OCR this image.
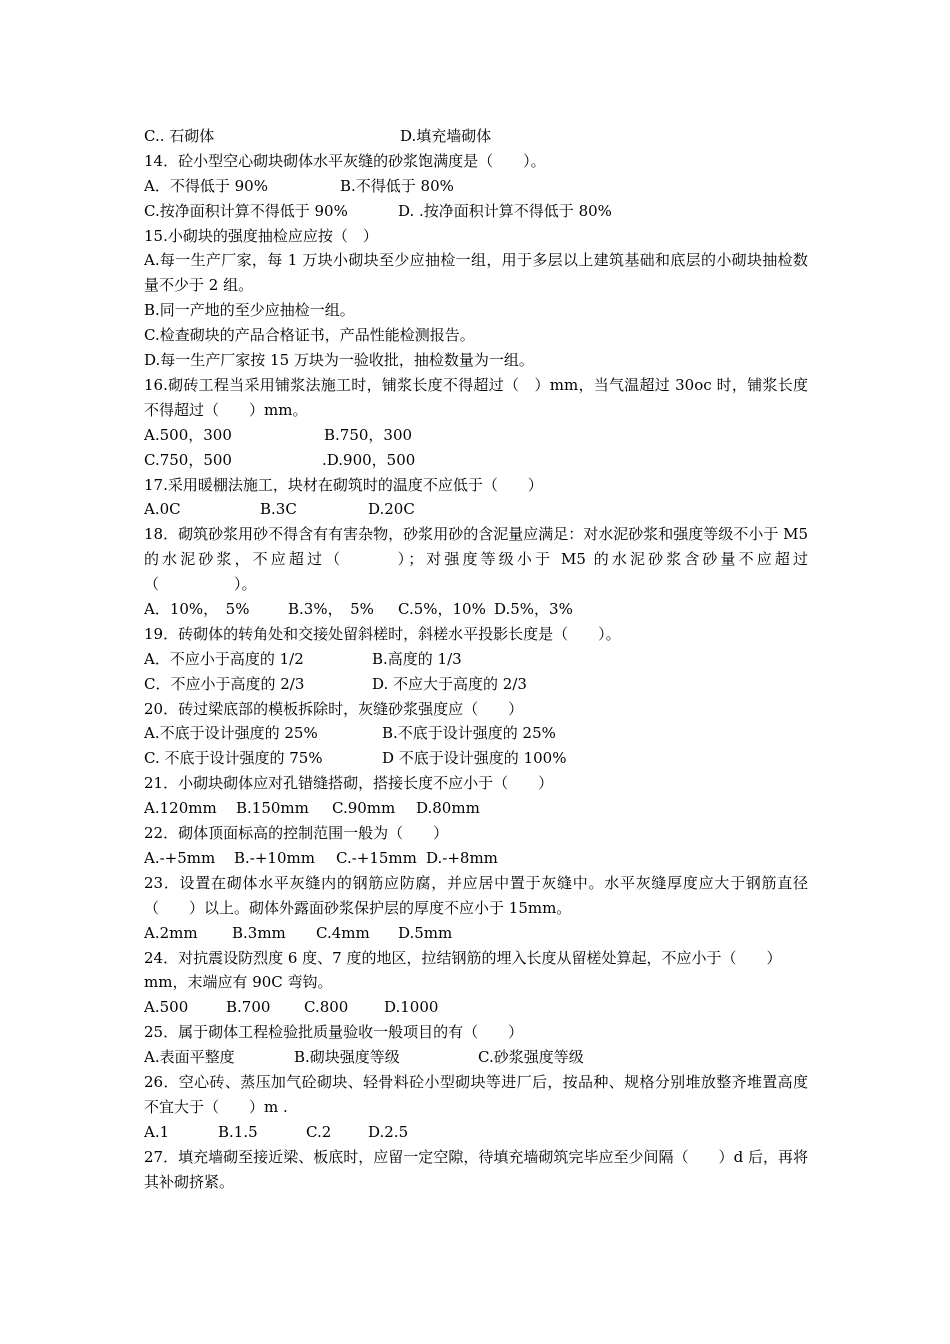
C.. 石砌体	D.填充墙砌体
14．砼小型空心砌块砌体水平灰缝的砂浆饱满度是（　　）。
A．不得低于 90%	B.不得低于 80%
C.按净面积计算不得低于 90%	D. .按净面积计算不得低于 80%
15.小砌块的强度抽检应应按（　）
A.每一生产厂家，每 1 万块小砌块至少应抽检一组，用于多层以上建筑基础和底层的小砌块抽检数量不少于 2 组。
B.同一产地的至少应抽检一组。
C.检查砌块的产品合格证书，产品性能检测报告。
D.每一生产厂家按 15 万块为一验收批，抽检数量为一组。
16.砌砖工程当采用铺浆法施工时，铺浆长度不得超过（　）mm，当气温超过 30oc 时，铺浆长度不得超过（　　）mm。
A.500，300	B.750，300
C.750，500	.D.900，500
17.采用暖棚法施工，块材在砌筑时的温度不应低于（　　）
A.0C	B.3C	D.20C
18．砌筑砂浆用砂不得含有有害杂物，砂浆用砂的含泥量应满足：对水泥砂浆和强度等级不小于 M5 的水泥砂浆，不应超过（　　　）；对强度等级小于 M5 的水泥砂浆含砂量不应超过（　　　　　）。
A．10%，　5%	B.3%，　5% C.5%，10% D.5%，3%
19．砖砌体的转角处和交接处留斜槎时，斜槎水平投影长度是（　　）。
A．不应小于高度的 1/2	B.高度的 1/3
C．不应小于高度的 2/3	D. 不应大于高度的 2/3
20．砖过梁底部的模板拆除时，灰缝砂浆强度应（　　）
A.不底于设计强度的 25%	B.不底于设计强度的 25%
C. 不底于设计强度的 75%	D 不底于设计强度的 100%
21．小砌块砌体应对孔错缝搭砌，搭接长度不应小于（　　）
A.120mm B.150mm C.90mm D.80mm
22．砌体顶面标高的控制范围一般为（　　）
A.-+5mm B.-+10mm C.-+15mm D.-+8mm
23．设置在砌体水平灰缝内的钢筋应防腐，并应居中置于灰缝中。水平灰缝厚度应大于钢筋直径（　　）以上。砌体外露面砂浆保护层的厚度不应小于 15mm。
A.2mm B.3mm C.4mm D.5mm
24．对抗震设防烈度 6 度、7 度的地区，拉结钢筋的埋入长度从留槎处算起，不应小于（　　）
mm，末端应有 90C 弯钩。
A.500	B.700 C.800 D.1000
25．属于砌体工程检验批质量验收一般项目的有（　　）
A.表面平整度	B.砌块强度等级	C.砂浆强度等级
26．空心砖、蒸压加气砼砌块、轻骨料砼小型砌块等进厂后，按品种、规格分别堆放整齐堆置高度不宜大于（　　）m .
A.1	B.1.5	C.2 D.2.5
27．填充墙砌至接近梁、板底时，应留一定空隙，待填充墙砌筑完毕应至少间隔（　　）d 后，再将其补砌挤紧。
